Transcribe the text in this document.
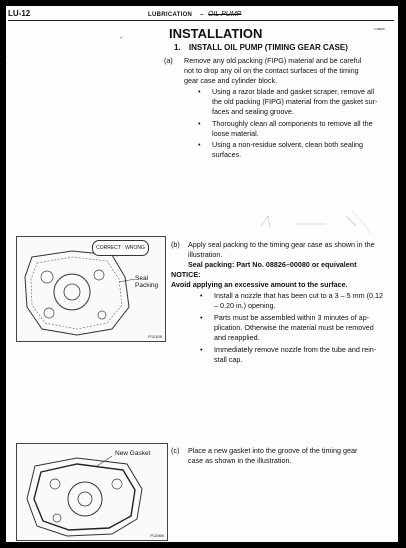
LU-12	LUBRICATION – OIL PUMP
LU0000
INSTALLATION
1. INSTALL OIL PUMP (TIMING GEAR CASE)
(a) Remove any old packing (FIPG) material and be careful
not to drop any oil on the contact surfaces of the timing
gear case and cylinder block.
• Using a razor blade and gasket scraper, remove all
the old packing (FIPG) material from the gasket sur-
faces and sealing groove.
• Thoroughly clean all components to remove all the
loose material.
• Using a non-residue solvent, clean both sealing
surfaces.
•
·
CORRECT WRONG
Seal
Packing
P12109
(b) Apply seal packing to the timing gear case as shown in the
illustration.
Seal packing: Part No. 08826–00080 or equivalent
NOTICE:
Avoid applying an excessive amount to the surface.
• Install a nozzle that has been cut to a 3 – 5 mm (0.12
– 0.20 in.) opening.
• Parts must be assembled within 3 minutes of ap-
plication. Otherwise the material must be removed
and reapplied.
• Immediately remove nozzle from the tube and rein-
stall cap.
New Gasket
P12069
(c) Place a new gasket into the groove of the timing gear
case as shown in the illustration.
